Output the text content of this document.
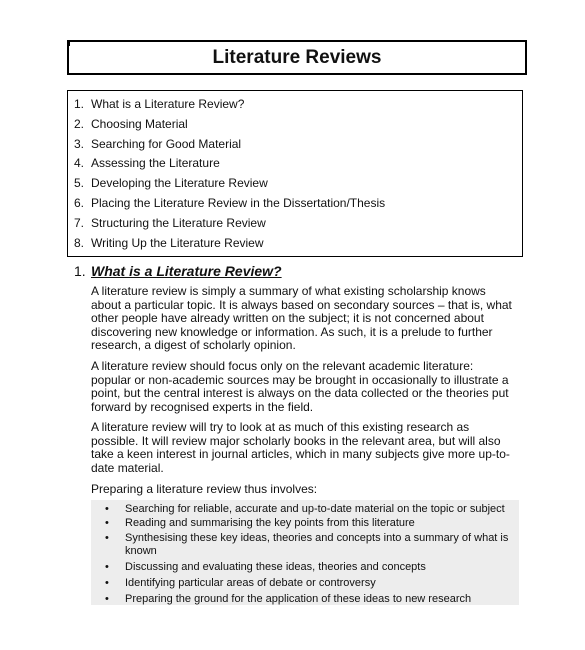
Literature Reviews
1. What is a Literature Review?
2. Choosing Material
3. Searching for Good Material
4. Assessing the Literature
5. Developing the Literature Review
6. Placing the Literature Review in the Dissertation/Thesis
7. Structuring the Literature Review
8. Writing Up the Literature Review
1. What is a Literature Review?

A literature review is simply a summary of what existing scholarship knows
about a particular topic. It is always based on secondary sources – that is, what
other people have already written on the subject; it is not concerned about
discovering new knowledge or information. As such, it is a prelude to further
research, a digest of scholarly opinion.

A literature review should focus only on the relevant academic literature:
popular or non-academic sources may be brought in occasionally to illustrate a
point, but the central interest is always on the data collected or the theories put
forward by recognised experts in the field.

A literature review will try to look at as much of this existing research as
possible. It will review major scholarly books in the relevant area, but will also
take a keen interest in journal articles, which in many subjects give more up-to-
date material.

Preparing a literature review thus involves:

• Searching for reliable, accurate and up-to-date material on the topic or subject
• Reading and summarising the key points from this literature
• Synthesising these key ideas, theories and concepts into a summary of what is
known
• Discussing and evaluating these ideas, theories and concepts
• Identifying particular areas of debate or controversy
• Preparing the ground for the application of these ideas to new research
